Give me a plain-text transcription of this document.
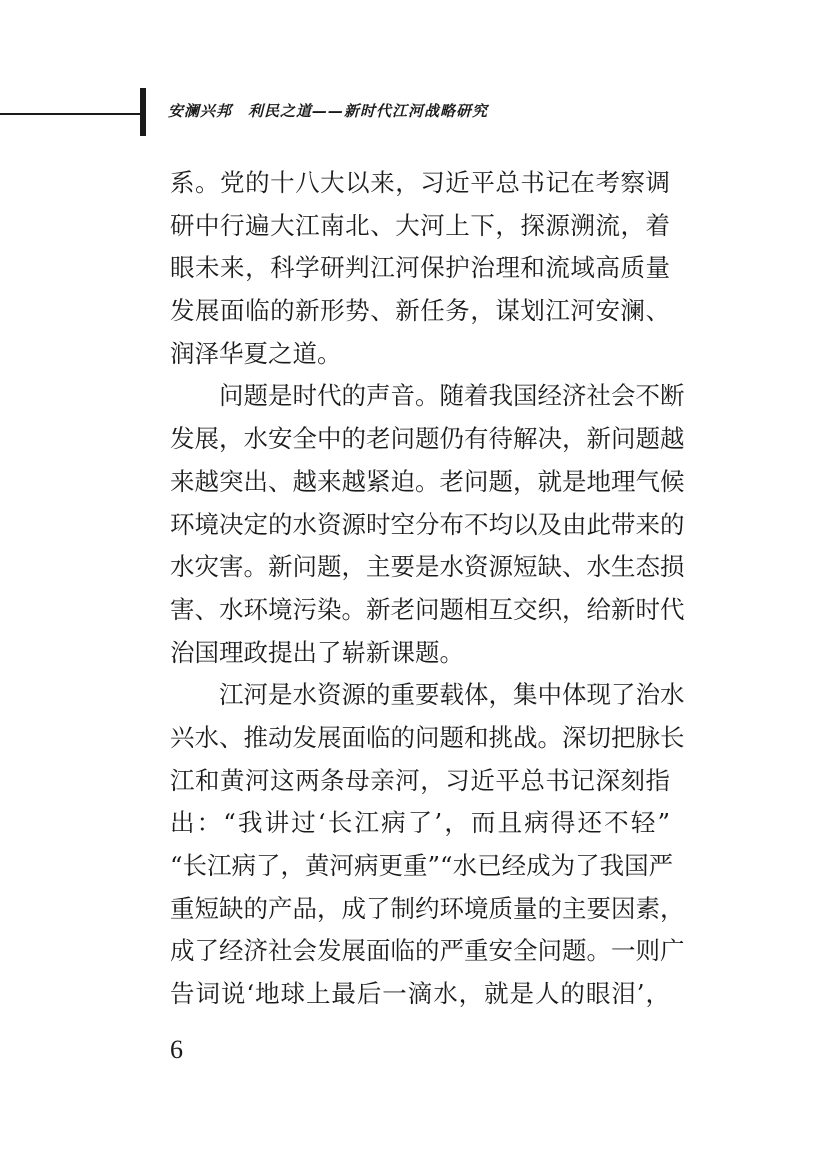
安澜兴邦 利民之道——新时代江河战略研究
系。党的十八大以来，习近平总书记在考察调
研中行遍大江南北、大河上下，探源溯流，着
眼未来，科学研判江河保护治理和流域高质量
发展面临的新形势、新任务，谋划江河安澜、
润泽华夏之道。
问题是时代的声音。随着我国经济社会不断
发展，水安全中的老问题仍有待解决，新问题越
来越突出、越来越紧迫。老问题，就是地理气候
环境决定的水资源时空分布不均以及由此带来的
水灾害。新问题，主要是水资源短缺、水生态损
害、水环境污染。新老问题相互交织，给新时代
治国理政提出了崭新课题。
江河是水资源的重要载体，集中体现了治水
兴水、推动发展面临的问题和挑战。深切把脉长
江和黄河这两条母亲河，习近平总书记深刻指
出：“我讲过‘长江病了’，而且病得还不轻”
“长江病了，黄河病更重”“水已经成为了我国严
重短缺的产品，成了制约环境质量的主要因素，
成了经济社会发展面临的严重安全问题。一则广
告词说‘地球上最后一滴水，就是人的眼泪’，
6
